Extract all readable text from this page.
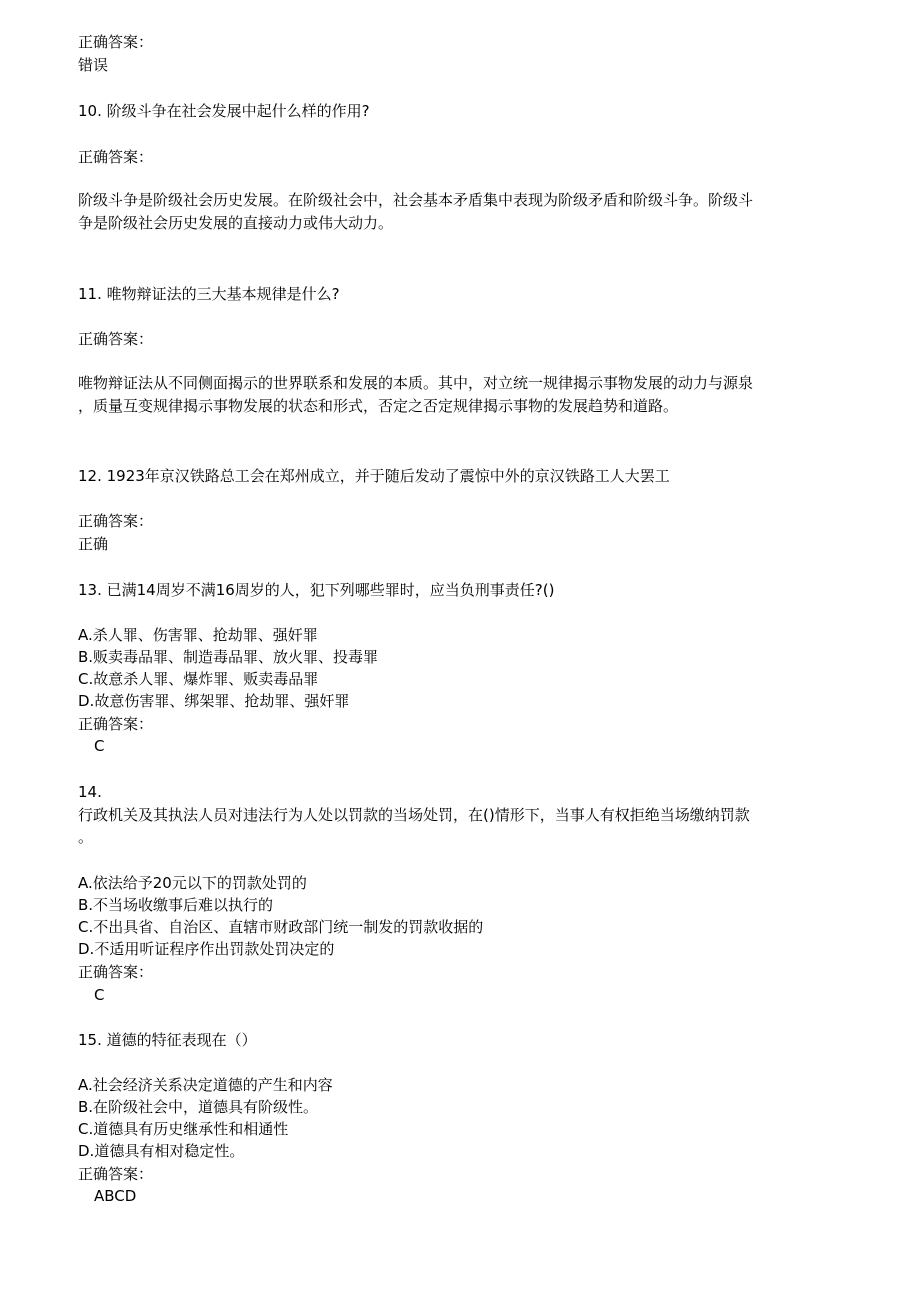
正确答案：

错误

10. 阶级斗争在社会发展中起什么样的作用?

正确答案：

阶级斗争是阶级社会历史发展。在阶级社会中，社会基本矛盾集中表现为阶级矛盾和阶级斗争。阶级斗

争是阶级社会历史发展的直接动力或伟大动力。

11. 唯物辩证法的三大基本规律是什么?

正确答案：

唯物辩证法从不同侧面揭示的世界联系和发展的本质。其中，对立统一规律揭示事物发展的动力与源泉

，质量互变规律揭示事物发展的状态和形式，否定之否定规律揭示事物的发展趋势和道路。

12. 1923年京汉铁路总工会在郑州成立，并于随后发动了震惊中外的京汉铁路工人大罢工

正确答案：

正确

13. 已满14周岁不满16周岁的人，犯下列哪些罪时，应当负刑事责任?()

A.杀人罪、伤害罪、抢劫罪、强奸罪

B.贩卖毒品罪、制造毒品罪、放火罪、投毒罪

C.故意杀人罪、爆炸罪、贩卖毒品罪

D.故意伤害罪、绑架罪、抢劫罪、强奸罪

正确答案：

C

14.

行政机关及其执法人员对违法行为人处以罚款的当场处罚，在()情形下，当事人有权拒绝当场缴纳罚款

。

A.依法给予20元以下的罚款处罚的

B.不当场收缴事后难以执行的

C.不出具省、自治区、直辖市财政部门统一制发的罚款收据的

D.不适用听证程序作出罚款处罚决定的

正确答案：

C

15. 道德的特征表现在（）

A.社会经济关系决定道德的产生和内容

B.在阶级社会中，道德具有阶级性。

C.道德具有历史继承性和相通性

D.道德具有相对稳定性。

正确答案：

ABCD
